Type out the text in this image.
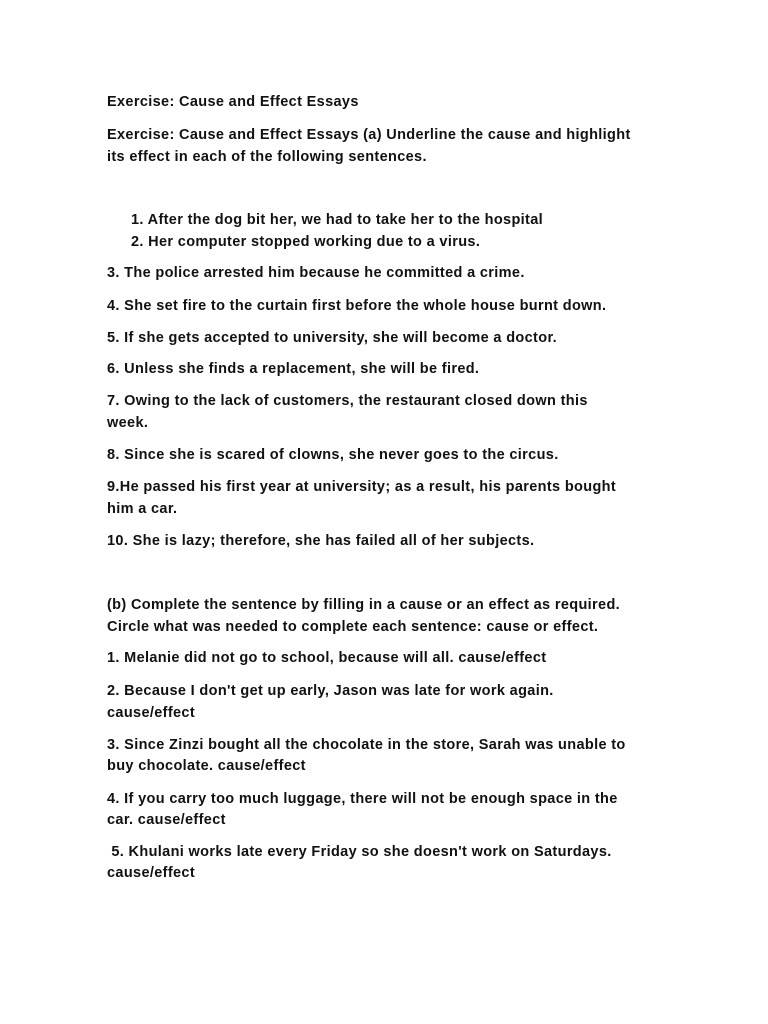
Exercise: Cause and Effect Essays
Exercise: Cause and Effect Essays (a) Underline the cause and highlight
its effect in each of the following sentences.
1. After the dog bit her, we had to take her to the hospital
2. Her computer stopped working due to a virus.
3. The police arrested him because he committed a crime.
4. She set fire to the curtain first before the whole house burnt down.
5. If she gets accepted to university, she will become a doctor.
6. Unless she finds a replacement, she will be fired.
7. Owing to the lack of customers, the restaurant closed down this
week.
8. Since she is scared of clowns, she never goes to the circus.
9.He passed his first year at university; as a result, his parents bought
him a car.
10. She is lazy; therefore, she has failed all of her subjects.
(b) Complete the sentence by filling in a cause or an effect as required.
Circle what was needed to complete each sentence: cause or effect.
1. Melanie did not go to school, because will all. cause/effect
2. Because I don't get up early, Jason was late for work again.
cause/effect
3. Since Zinzi bought all the chocolate in the store, Sarah was unable to
buy chocolate. cause/effect
4. If you carry too much luggage, there will not be enough space in the
car. cause/effect
5. Khulani works late every Friday so she doesn't work on Saturdays.
cause/effect
